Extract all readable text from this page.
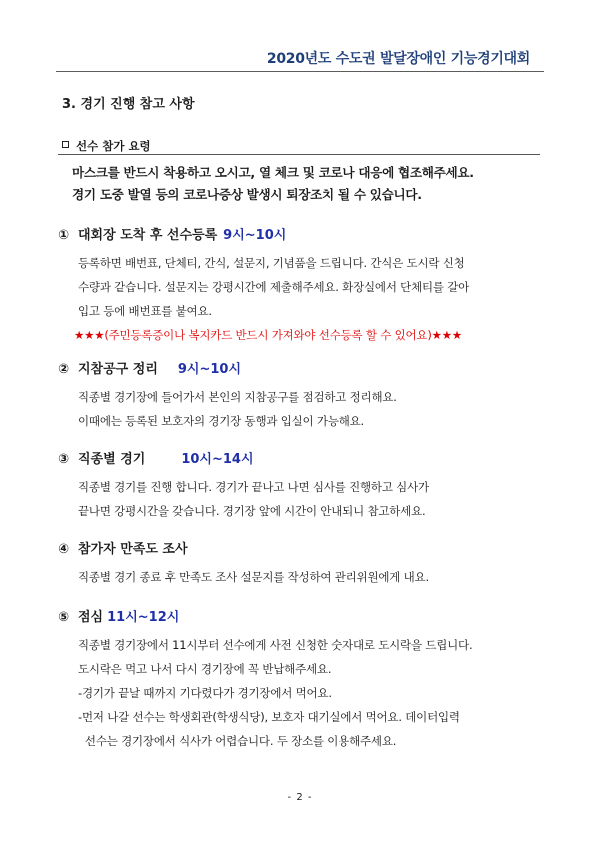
2020년도 수도권 발달장애인 기능경기대회
3. 경기 진행 참고 사항
선수 참가 요령

마스크를 반드시 착용하고 오시고, 열 체크 및 코로나 대응에 협조해주세요.

경기 도중 발열 등의 코로나증상 발생시 퇴장조치 될 수 있습니다.

① 대회장 도착 후 선수등록 9시~10시

등록하면 배번표, 단체티, 간식, 설문지, 기념품을 드립니다. 간식은 도시락 신청

수량과 같습니다. 설문지는 강평시간에 제출해주세요. 화장실에서 단체티를 갈아

입고 등에 배번표를 붙여요.

★★★(주민등록증이나 복지카드 반드시 가져와야 선수등록 할 수 있어요)★★★

② 지참공구 정리 9시~10시

직종별 경기장에 들어가서 본인의 지참공구를 점검하고 정리해요.

이때에는 등록된 보호자의 경기장 동행과 입실이 가능해요.

③ 직종별 경기	10시~14시

직종별 경기를 진행 합니다. 경기가 끝나고 나면 심사를 진행하고 심사가

끝나면 강평시간을 갖습니다. 경기장 앞에 시간이 안내되니 참고하세요.

④ 참가자 만족도 조사

직종별 경기 종료 후 만족도 조사 설문지를 작성하여 관리위원에게 내요.

⑤ 점심 11시~12시

직종별 경기장에서 11시부터 선수에게 사전 신청한 숫자대로 도시락을 드립니다.

도시락은 먹고 나서 다시 경기장에 꼭 반납해주세요.

-경기가 끝날 때까지 기다렸다가 경기장에서 먹어요.

-먼저 나갈 선수는 학생회관(학생식당), 보호자 대기실에서 먹어요. 데이터입력

선수는 경기장에서 식사가 어렵습니다. 두 장소를 이용해주세요.

- 2 -
